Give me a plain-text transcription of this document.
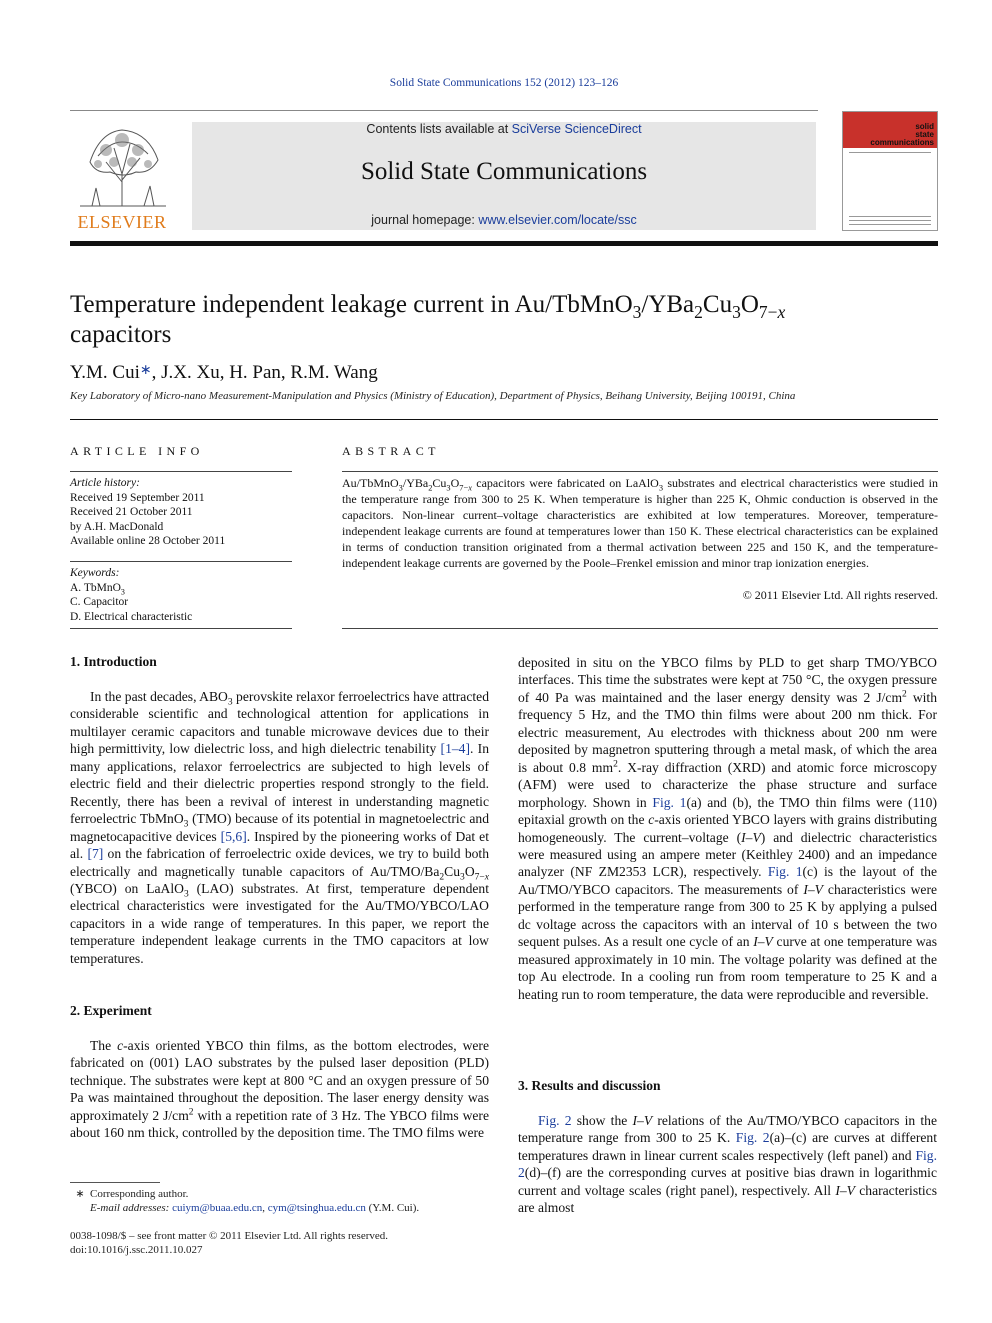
Solid State Communications 152 (2012) 123–126
ELSEVIER
Contents lists available at SciVerse ScienceDirect
Solid State Communications
journal homepage: www.elsevier.com/locate/ssc
solid
state
communications
Temperature independent leakage current in $Au/TbMnO_3/YBa_2Cu_3O_{7-x}$
capacitors
Y.M. Cui∗, J.X. Xu, H. Pan, R.M. Wang
Key Laboratory of Micro-nano Measurement-Manipulation and Physics (Ministry of Education), Department of Physics, Beihang University, Beijing 100191, China
ARTICLE INFO
Article history:
Received 19 September 2011
Received 21 October 2011
by A.H. MacDonald
Available online 28 October 2011
Keywords:
A. TbMnO$_3$
C. Capacitor
D. Electrical characteristic
ABSTRACT
$Au/TbMnO_3/YBa_2Cu_3O_{7-x}$ capacitors were fabricated on LaAlO$_3$ substrates and electrical characteristics were studied in the temperature range from 300 to 25 K. When temperature is higher than 225 K, Ohmic conduction is observed in the capacitors. Non-linear current–voltage characteristics are exhibited at low temperatures. Moreover, temperature-independent leakage currents are found at temperatures lower than 150 K. These electrical characteristics can be explained in terms of conduction transition originated from a thermal activation between 225 and 150 K, and the temperature-independent leakage currents are governed by the Poole–Frenkel emission and minor trap ionization energies.
© 2011 Elsevier Ltd. All rights reserved.
1. Introduction

In the past decades, $ABO_3$ perovskite relaxor ferroelectrics have attracted considerable scientific and technological attention for applications in multilayer ceramic capacitors and tunable microwave devices due to their high permittivity, low dielectric loss, and high dielectric tenability [1–4]. In many applications, relaxor ferroelectrics are subjected to high levels of electric field and their dielectric properties respond strongly to the field. Recently, there has been a revival of interest in understanding magnetic ferroelectric TbMnO$_3$ (TMO) because of its potential in magnetoelectric and magnetocapacitive devices [5,6]. Inspired by the pioneering works of Dat et al. [7] on the fabrication of ferroelectric oxide devices, we try to build both electrically and magnetically tunable capacitors of $Au/TMO/Ba_2Cu_3O_{7-x}$ (YBCO) on LaAlO$_3$ (LAO) substrates. At first, temperature dependent electrical characteristics were investigated for the Au/TMO/YBCO/LAO capacitors in a wide range of temperatures. In this paper, we report the temperature independent leakage currents in the TMO capacitors at low temperatures.

2. Experiment

The c-axis oriented YBCO thin films, as the bottom electrodes, were fabricated on (001) LAO substrates by the pulsed laser deposition (PLD) technique. The substrates were kept at 800 °C and an oxygen pressure of 50 Pa was maintained throughout the deposition. The laser energy density was approximately 2 $J/cm^2$ with a repetition rate of 3 Hz. The YBCO films were about 160 nm thick, controlled by the deposition time. The TMO films were

∗ Corresponding author.
E-mail addresses: cuiym@buaa.edu.cn, cym@tsinghua.edu.cn (Y.M. Cui).
0038-1098/$ – see front matter © 2011 Elsevier Ltd. All rights reserved.
doi:10.1016/j.ssc.2011.10.027

deposited in situ on the YBCO films by PLD to get sharp TMO/YBCO interfaces. This time the substrates were kept at 750 °C, the oxygen pressure of 40 Pa was maintained and the laser energy density was 2 $J/cm^2$ with frequency 5 Hz, and the TMO thin films were about 200 nm thick. For electric measurement, Au electrodes with thickness about 200 nm were deposited by magnetron sputtering through a metal mask, of which the area is about 0.8 $mm^2$. X-ray diffraction (XRD) and atomic force microscopy (AFM) were used to characterize the phase structure and surface morphology. Shown in Fig. 1(a) and (b), the TMO thin films were (110) epitaxial growth on the c-axis oriented YBCO layers with grains distributing homogeneously. The current–voltage (I–V) and dielectric characteristics were measured using an ampere meter (Keithley 2400) and an impedance analyzer (NF ZM2353 LCR), respectively. Fig. 1(c) is the layout of the Au/TMO/YBCO capacitors. The measurements of I–V characteristics were performed in the temperature range from 300 to 25 K by applying a pulsed dc voltage across the capacitors with an interval of 10 s between the two sequent pulses. As a result one cycle of an I–V curve at one temperature was measured approximately in 10 min. The voltage polarity was defined at the top Au electrode. In a cooling run from room temperature to 25 K and a heating run to room temperature, the data were reproducible and reversible.

3. Results and discussion

Fig. 2 show the I–V relations of the Au/TMO/YBCO capacitors in the temperature range from 300 to 25 K. Fig. 2(a)–(c) are curves at different temperatures drawn in linear current scales respectively (left panel) and Fig. 2(d)–(f) are the corresponding curves at positive bias drawn in logarithmic current and voltage scales (right panel), respectively. All I–V characteristics are almost
